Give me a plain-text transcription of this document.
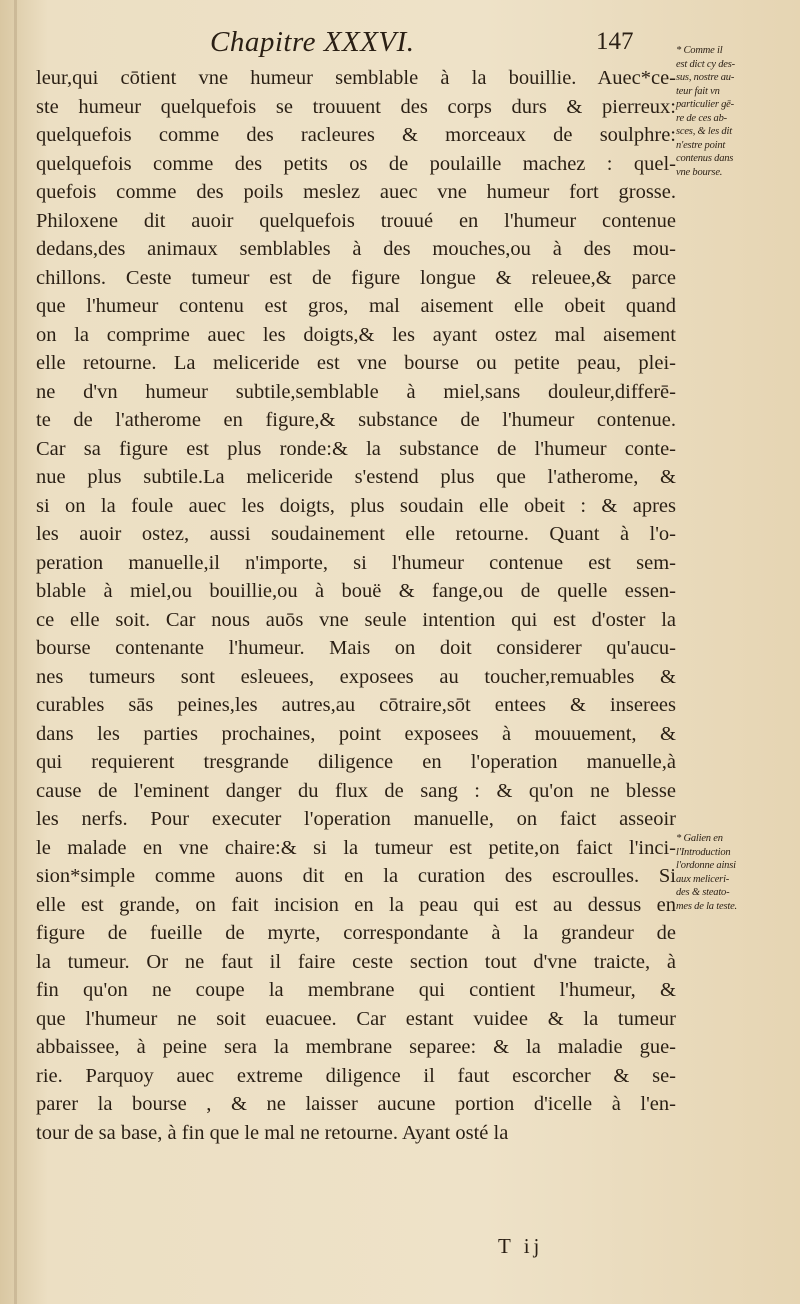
Chapitre XXXVI.	147
leur,qui cōtient vne humeur semblable à la bouillie. Auec*ce-
ste humeur quelquefois se trouuent des corps durs & pierreux:
quelquefois comme des racleures & morceaux de soulphre:
quelquefois comme des petits os de poulaille machez : quel-
quefois comme des poils meslez auec vne humeur fort grosse.
Philoxene dit auoir quelquefois trouué en l'humeur contenue
dedans,des animaux semblables à des mouches,ou à des mou-
chillons. Ceste tumeur est de figure longue & releuee,& parce
que l'humeur contenu est gros, mal aisement elle obeit quand
on la comprime auec les doigts,& les ayant ostez mal aisement
elle retourne. La meliceride est vne bourse ou petite peau, plei-
ne d'vn humeur subtile,semblable à miel,sans douleur,differē-
te de l'atherome en figure,& substance de l'humeur contenue.
Car sa figure est plus ronde:& la substance de l'humeur conte-
nue plus subtile.La meliceride s'estend plus que l'atherome, &
si on la foule auec les doigts, plus soudain elle obeit : & apres
les auoir ostez, aussi soudainement elle retourne. Quant à l'o-
peration manuelle,il n'importe, si l'humeur contenue est sem-
blable à miel,ou bouillie,ou à bouë & fange,ou de quelle essen-
ce elle soit. Car nous auōs vne seule intention qui est d'oster la
bourse contenante l'humeur. Mais on doit considerer qu'aucu-
nes tumeurs sont esleuees, exposees au toucher,remuables &
curables sās peines,les autres,au cōtraire,sōt entees & inserees
dans les parties prochaines, point exposees à mouuement, &
qui requierent tresgrande diligence en l'operation manuelle,à
cause de l'eminent danger du flux de sang : & qu'on ne blesse
les nerfs. Pour executer l'operation manuelle, on faict asseoir
le malade en vne chaire:& si la tumeur est petite,on faict l'inci-
sion*simple comme auons dit en la curation des escroulles. Si
elle est grande, on fait incision en la peau qui est au dessus en
figure de fueille de myrte, correspondante à la grandeur de
la tumeur. Or ne faut il faire ceste section tout d'vne traicte, à
fin qu'on ne coupe la membrane qui contient l'humeur, &
que l'humeur ne soit euacuee. Car estant vuidee & la tumeur
abbaissee, à peine sera la membrane separee: & la maladie gue-
rie. Parquoy auec extreme diligence il faut escorcher & se-
parer la bourse , & ne laisser aucune portion d'icelle à l'en-
tour de sa base, à fin que le mal ne retourne. Ayant osté la
* Comme il
est dict cy des-
sus, nostre au-
teur fait vn
particulier gē-
re de ces ab-
sces, & les dit
n'estre point
contenus dans
vne bourse.
* Galien en
l'Introduction
l'ordonne ainsi
aux meliceri-
des & steato-
mes de la teste.
T ij
